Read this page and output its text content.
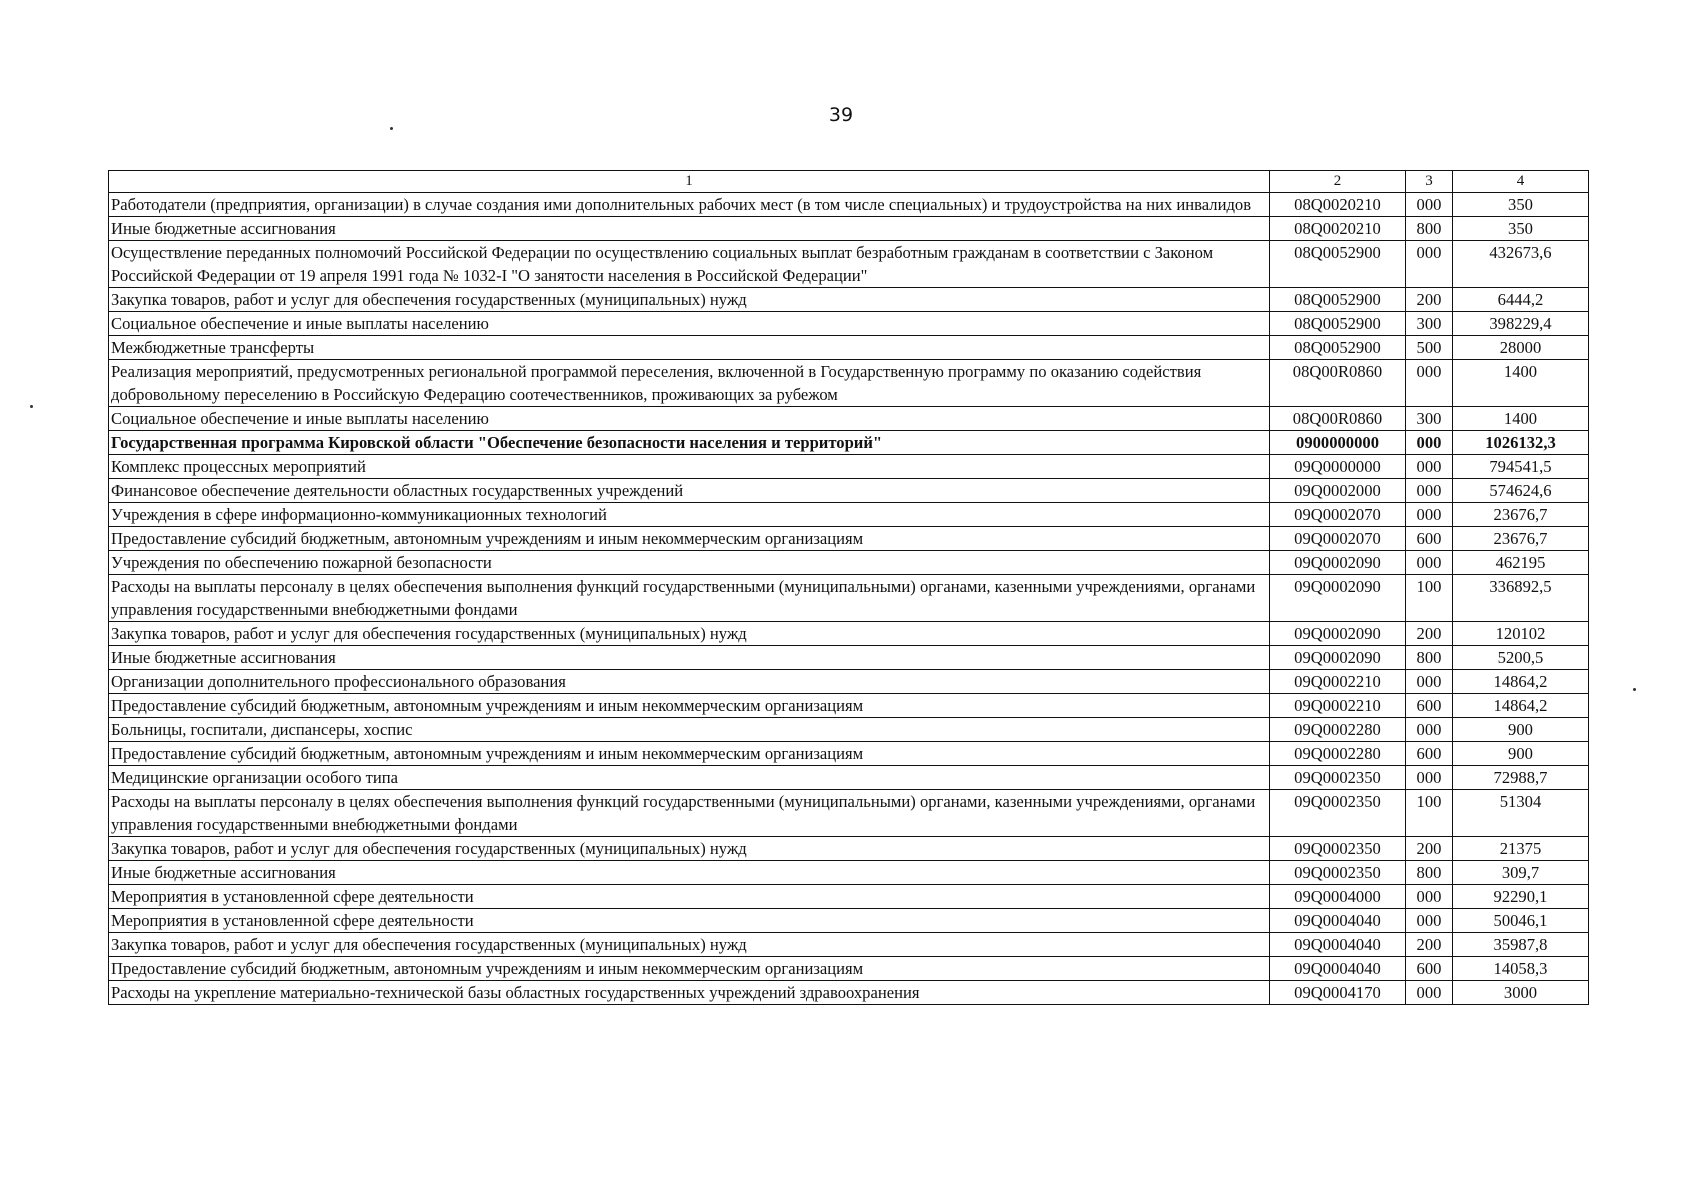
39
1	2	3	4
Работодатели (предприятия, организации) в случае создания ими дополнительных рабочих мест (в том числе специальных) и трудоустройства на них инвалидов	08Q0020210	000	350
Иные бюджетные ассигнования	08Q0020210	800	350
Осуществление переданных полномочий Российской Федерации по осуществлению социальных выплат безработным гражданам в соответствии с Законом Российской Федерации от 19 апреля 1991 года № 1032-I "О занятости населения в Российской Федерации"	08Q0052900	000	432673,6
Закупка товаров, работ и услуг для обеспечения государственных (муниципальных) нужд	08Q0052900	200	6444,2
Социальное обеспечение и иные выплаты населению	08Q0052900	300	398229,4
Межбюджетные трансферты	08Q0052900	500	28000
Реализация мероприятий, предусмотренных региональной программой переселения, включенной в Государственную программу по оказанию содействия добровольному переселению в Российскую Федерацию соотечественников, проживающих за рубежом	08Q00R0860	000	1400
Социальное обеспечение и иные выплаты населению	08Q00R0860	300	1400
Государственная программа Кировской области "Обеспечение безопасности населения и территорий"	0900000000	000	1026132,3
Комплекс процессных мероприятий	09Q0000000	000	794541,5
Финансовое обеспечение деятельности областных государственных учреждений	09Q0002000	000	574624,6
Учреждения в сфере информационно-коммуникационных технологий	09Q0002070	000	23676,7
Предоставление субсидий бюджетным, автономным учреждениям и иным некоммерческим организациям	09Q0002070	600	23676,7
Учреждения по обеспечению пожарной безопасности	09Q0002090	000	462195
Расходы на выплаты персоналу в целях обеспечения выполнения функций государственными (муниципальными) органами, казенными учреждениями, органами управления государственными внебюджетными фондами	09Q0002090	100	336892,5
Закупка товаров, работ и услуг для обеспечения государственных (муниципальных) нужд	09Q0002090	200	120102
Иные бюджетные ассигнования	09Q0002090	800	5200,5
Организации дополнительного профессионального образования	09Q0002210	000	14864,2
Предоставление субсидий бюджетным, автономным учреждениям и иным некоммерческим организациям	09Q0002210	600	14864,2
Больницы, госпитали, диспансеры, хоспис	09Q0002280	000	900
Предоставление субсидий бюджетным, автономным учреждениям и иным некоммерческим организациям	09Q0002280	600	900
Медицинские организации особого типа	09Q0002350	000	72988,7
Расходы на выплаты персоналу в целях обеспечения выполнения функций государственными (муниципальными) органами, казенными учреждениями, органами управления государственными внебюджетными фондами	09Q0002350	100	51304
Закупка товаров, работ и услуг для обеспечения государственных (муниципальных) нужд	09Q0002350	200	21375
Иные бюджетные ассигнования	09Q0002350	800	309,7
Мероприятия в установленной сфере деятельности	09Q0004000	000	92290,1
Мероприятия в установленной сфере деятельности	09Q0004040	000	50046,1
Закупка товаров, работ и услуг для обеспечения государственных (муниципальных) нужд	09Q0004040	200	35987,8
Предоставление субсидий бюджетным, автономным учреждениям и иным некоммерческим организациям	09Q0004040	600	14058,3
Расходы на укрепление материально-технической базы областных государственных учреждений здравоохранения	09Q0004170	000	3000
